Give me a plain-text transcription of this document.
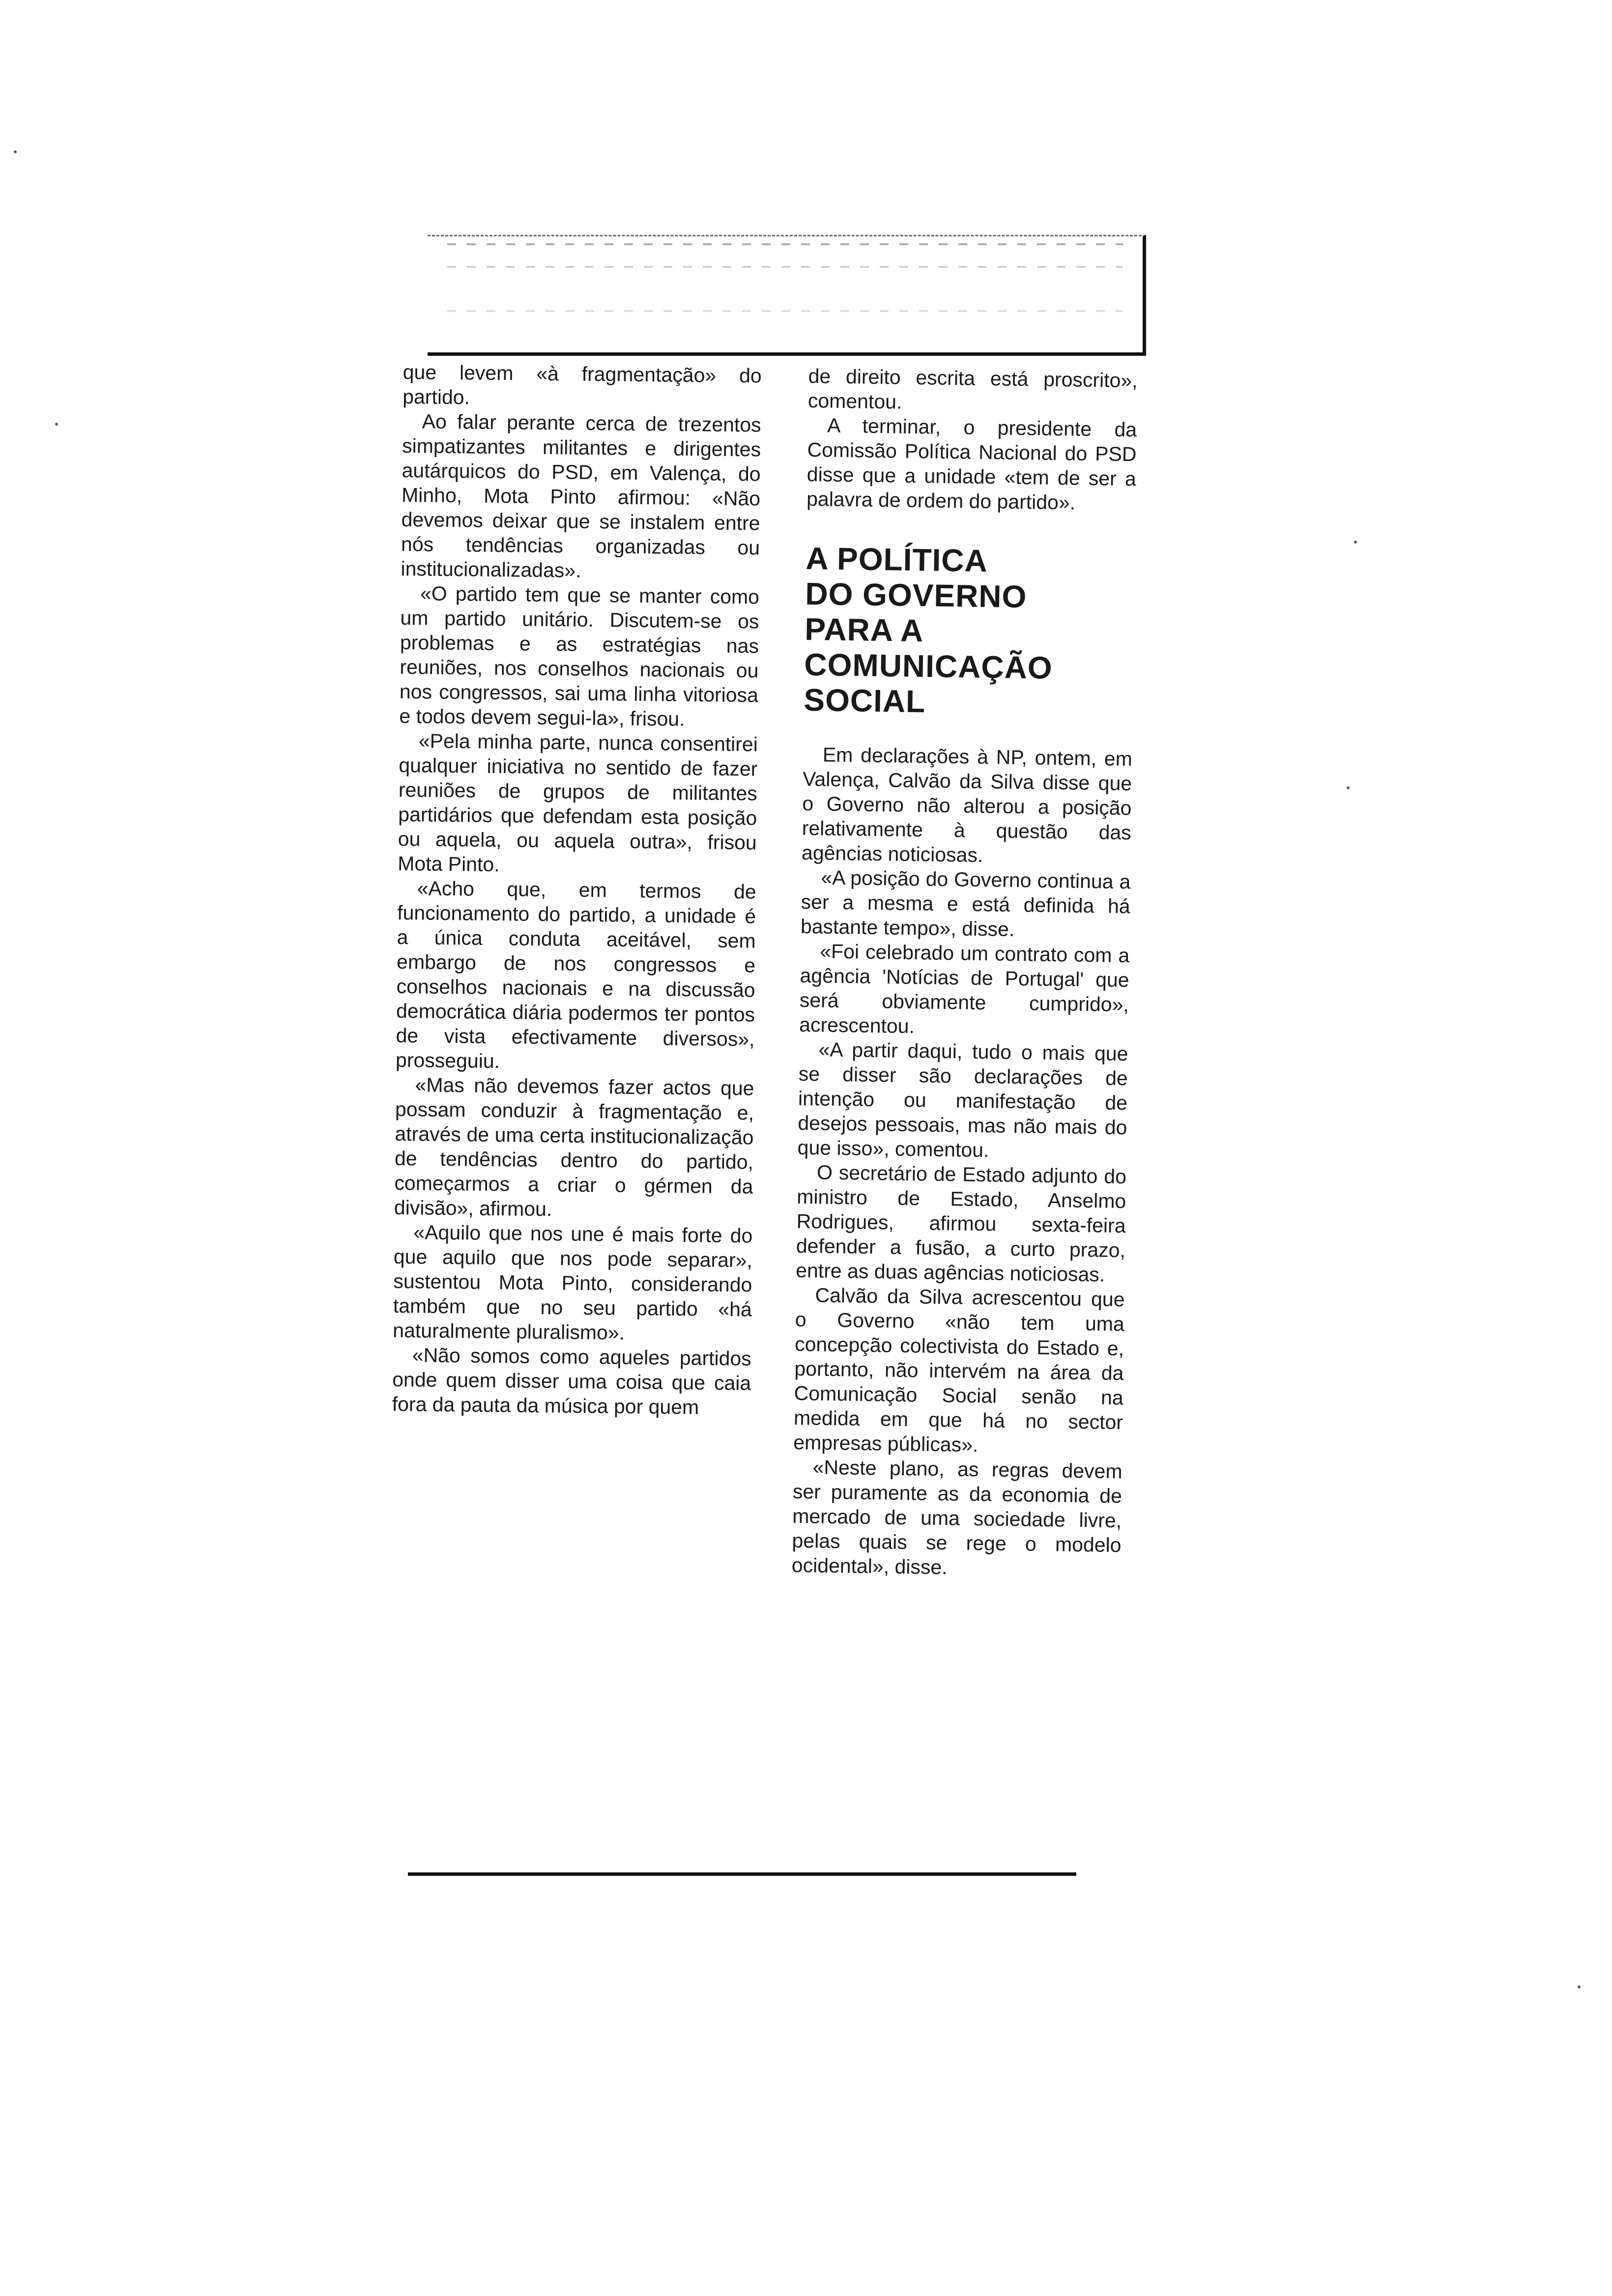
que levem «à fragmentação» do partido.

Ao falar perante cerca de trezentos simpatizantes militantes e dirigentes autárquicos do PSD, em Valença, do Minho, Mota Pinto afirmou: «Não devemos deixar que se instalem entre nós tendências organizadas ou institucionalizadas».

«O partido tem que se manter como um partido unitário. Discutem-se os problemas e as estratégias nas reuniões, nos conselhos nacionais ou nos congressos, sai uma linha vitoriosa e todos devem segui-la», frisou.

«Pela minha parte, nunca consentirei qualquer iniciativa no sentido de fazer reuniões de grupos de militantes partidários que defendam esta posição ou aquela, ou aquela outra», frisou Mota Pinto.

«Acho que, em termos de funcionamento do partido, a unidade é a única conduta aceitável, sem embargo de nos congressos e conselhos nacionais e na discussão democrática diária podermos ter pontos de vista efectivamente diversos», prosseguiu.

«Mas não devemos fazer actos que possam conduzir à fragmentação e, através de uma certa institucionalização de tendências dentro do partido, começarmos a criar o gérmen da divisão», afirmou.

«Aquilo que nos une é mais forte do que aquilo que nos pode separar», sustentou Mota Pinto, considerando também que no seu partido «há naturalmente pluralismo».

«Não somos como aqueles partidos onde quem disser uma coisa que caia fora da pauta da música por quem

de direito escrita está proscrito», comentou.

A terminar, o presidente da Comissão Política Nacional do PSD disse que a unidade «tem de ser a palavra de ordem do partido».

A POLÍTICA
DO GOVERNO
PARA A
COMUNICAÇÃO
SOCIAL

Em declarações à NP, ontem, em Valença, Calvão da Silva disse que o Governo não alterou a posição relativamente à questão das agências noticiosas.

«A posição do Governo continua a ser a mesma e está definida há bastante tempo», disse.

«Foi celebrado um contrato com a agência 'Notícias de Portugal' que será obviamente cumprido», acrescentou.

«A partir daqui, tudo o mais que se disser são declarações de intenção ou manifestação de desejos pessoais, mas não mais do que isso», comentou.

O secretário de Estado adjunto do ministro de Estado, Anselmo Rodrigues, afirmou sexta-feira defender a fusão, a curto prazo, entre as duas agências noticiosas.

Calvão da Silva acrescentou que o Governo «não tem uma concepção colectivista do Estado e, portanto, não intervém na área da Comunicação Social senão na medida em que há no sector empresas públicas».

«Neste plano, as regras devem ser puramente as da economia de mercado de uma sociedade livre, pelas quais se rege o modelo ocidental», disse.
